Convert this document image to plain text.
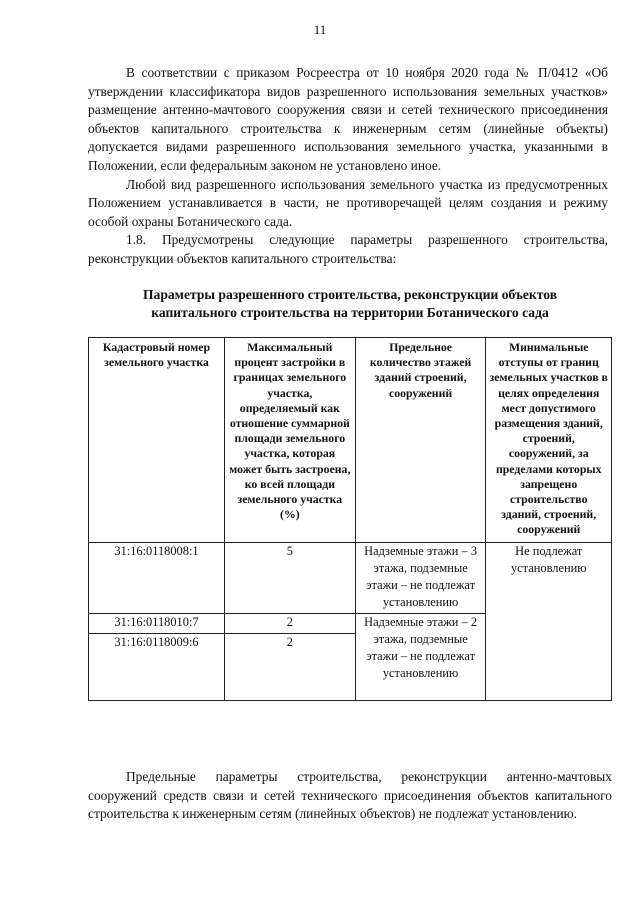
11

В соответствии с приказом Росреестра от 10 ноября 2020 года № П/0412 «Об утверждении классификатора видов разрешенного использования земельных участков» размещение антенно-мачтового сооружения связи и сетей технического присоединения объектов капитального строительства к инженерным сетям (линейные объекты) допускается видами разрешенного использования земельного участка, указанными в Положении, если федеральным законом не установлено иное.

Любой вид разрешенного использования земельного участка из предусмотренных Положением устанавливается в части, не противоречащей целям создания и режиму особой охраны Ботанического сада.

1.8. Предусмотрены следующие параметры разрешенного строительства, реконструкции объектов капитального строительства:

Параметры разрешенного строительства, реконструкции объектов капитального строительства на территории Ботанического сада
Кадастровый номер земельного участка	Максимальный процент застройки в границах земельного участка, определяемый как отношение суммарной площади земельного участка, которая может быть застроена, ко всей площади земельного участка (%)	Предельное количество этажей зданий строений, сооружений	Минимальные отступы от границ земельных участков в целях определения мест допустимого размещения зданий, строений, сооружений, за пределами которых запрещено строительство зданий, строений, сооружений
31:16:0118008:1	5	Надземные этажи – 3 этажа, подземные этажи – не подлежат установлению	Не подлежат установлению
31:16:0118010:7	2	Надземные этажи – 2 этажа, подземные этажи – не подлежат установлению	
31:16:0118009:6	2		

Предельные параметры строительства, реконструкции антенно-мачтовых сооружений средств связи и сетей технического присоединения объектов капитального строительства к инженерным сетям (линейных объектов) не подлежат установлению.
